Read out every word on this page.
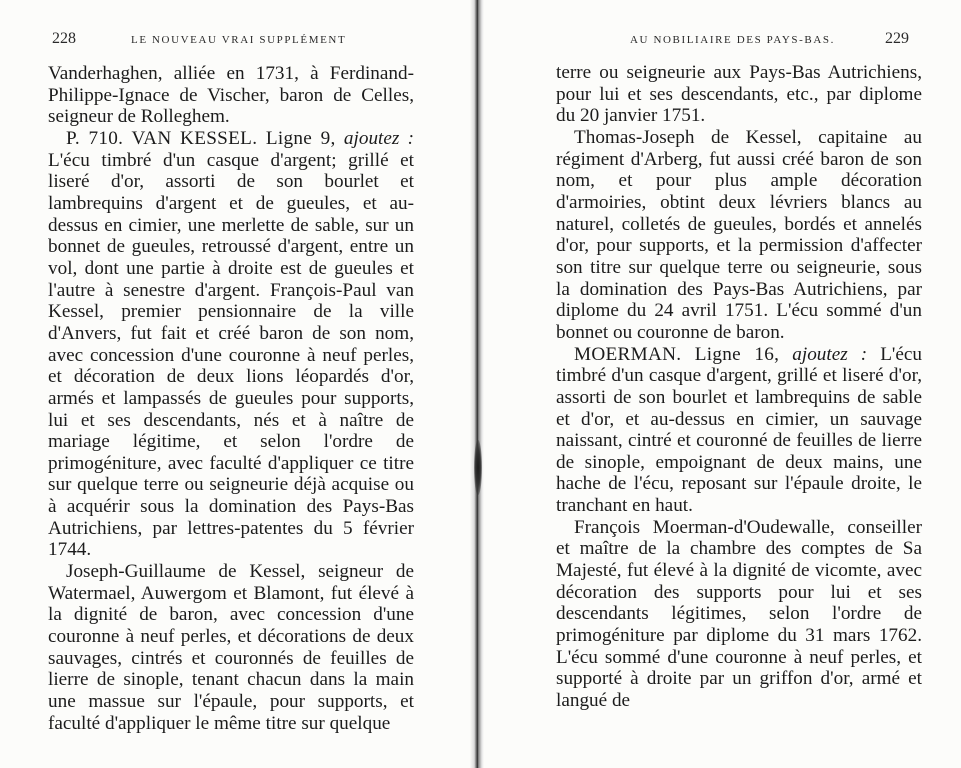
228	LE NOUVEAU VRAI SUPPLÉMENT

Vanderhaghen, alliée en 1731, à Ferdinand-Philippe-Ignace de Vischer, baron de Celles, seigneur de Rolleghem.

P. 710. VAN KESSEL. Ligne 9, ajoutez : L'écu timbré d'un casque d'argent; grillé et liseré d'or, assorti de son bourlet et lambrequins d'argent et de gueules, et au-dessus en cimier, une merlette de sable, sur un bonnet de gueules, retroussé d'argent, entre un vol, dont une partie à droite est de gueules et l'autre à senestre d'argent. François-Paul van Kessel, premier pensionnaire de la ville d'Anvers, fut fait et créé baron de son nom, avec concession d'une couronne à neuf perles, et décoration de deux lions léopardés d'or, armés et lampassés de gueules pour supports, lui et ses descendants, nés et à naître de mariage légitime, et selon l'ordre de primogéniture, avec faculté d'appliquer ce titre sur quelque terre ou seigneurie déjà acquise ou à acquérir sous la domination des Pays-Bas Autrichiens, par lettres-patentes du 5 février 1744.

Joseph-Guillaume de Kessel, seigneur de Watermael, Auwergom et Blamont, fut élevé à la dignité de baron, avec concession d'une couronne à neuf perles, et décorations de deux sauvages, cintrés et couronnés de feuilles de lierre de sinople, tenant chacun dans la main une massue sur l'épaule, pour supports, et faculté d'appliquer le même titre sur quelque

AU NOBILIAIRE DES PAYS-BAS.	229

terre ou seigneurie aux Pays-Bas Autrichiens, pour lui et ses descendants, etc., par diplome du 20 janvier 1751.

Thomas-Joseph de Kessel, capitaine au régiment d'Arberg, fut aussi créé baron de son nom, et pour plus ample décoration d'armoiries, obtint deux lévriers blancs au naturel, colletés de gueules, bordés et annelés d'or, pour supports, et la permission d'affecter son titre sur quelque terre ou seigneurie, sous la domination des Pays-Bas Autrichiens, par diplome du 24 avril 1751. L'écu sommé d'un bonnet ou couronne de baron.

MOERMAN. Ligne 16, ajoutez : L'écu timbré d'un casque d'argent, grillé et liseré d'or, assorti de son bourlet et lambrequins de sable et d'or, et au-dessus en cimier, un sauvage naissant, cintré et couronné de feuilles de lierre de sinople, empoignant de deux mains, une hache de l'écu, reposant sur l'épaule droite, le tranchant en haut.

François Moerman-d'Oudewalle, conseiller et maître de la chambre des comptes de Sa Majesté, fut élevé à la dignité de vicomte, avec décoration des supports pour lui et ses descendants légitimes, selon l'ordre de primogéniture par diplome du 31 mars 1762. L'écu sommé d'une couronne à neuf perles, et supporté à droite par un griffon d'or, armé et langué de
